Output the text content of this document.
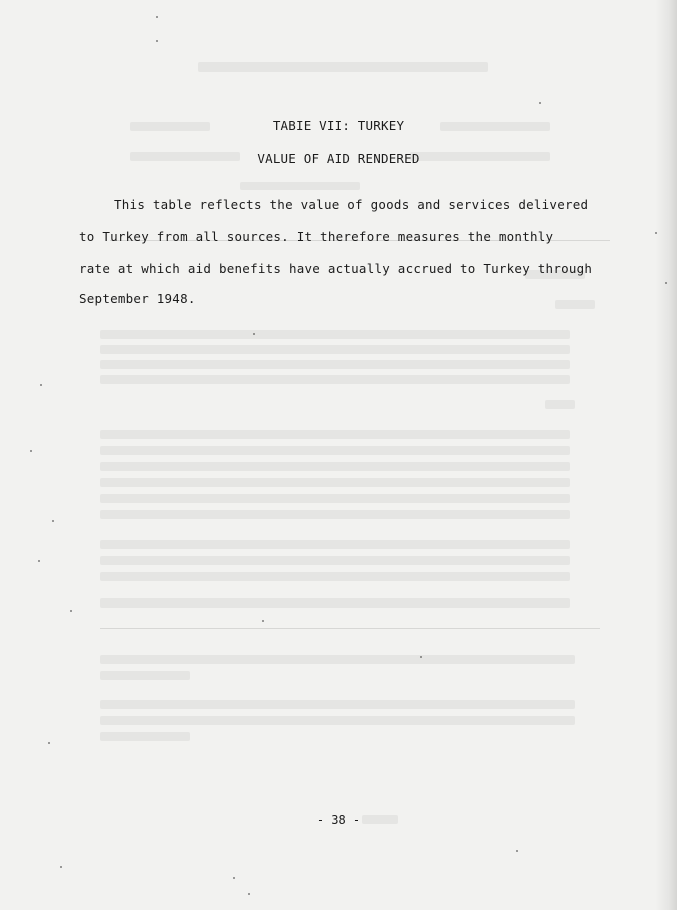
TABIE VII: TURKEY
VALUE OF AID RENDERED
This table reflects the value of goods and services delivered
to Turkey from all sources. It therefore measures the monthly
rate at which aid benefits have actually accrued to Turkey through
September 1948.
- 38 -
